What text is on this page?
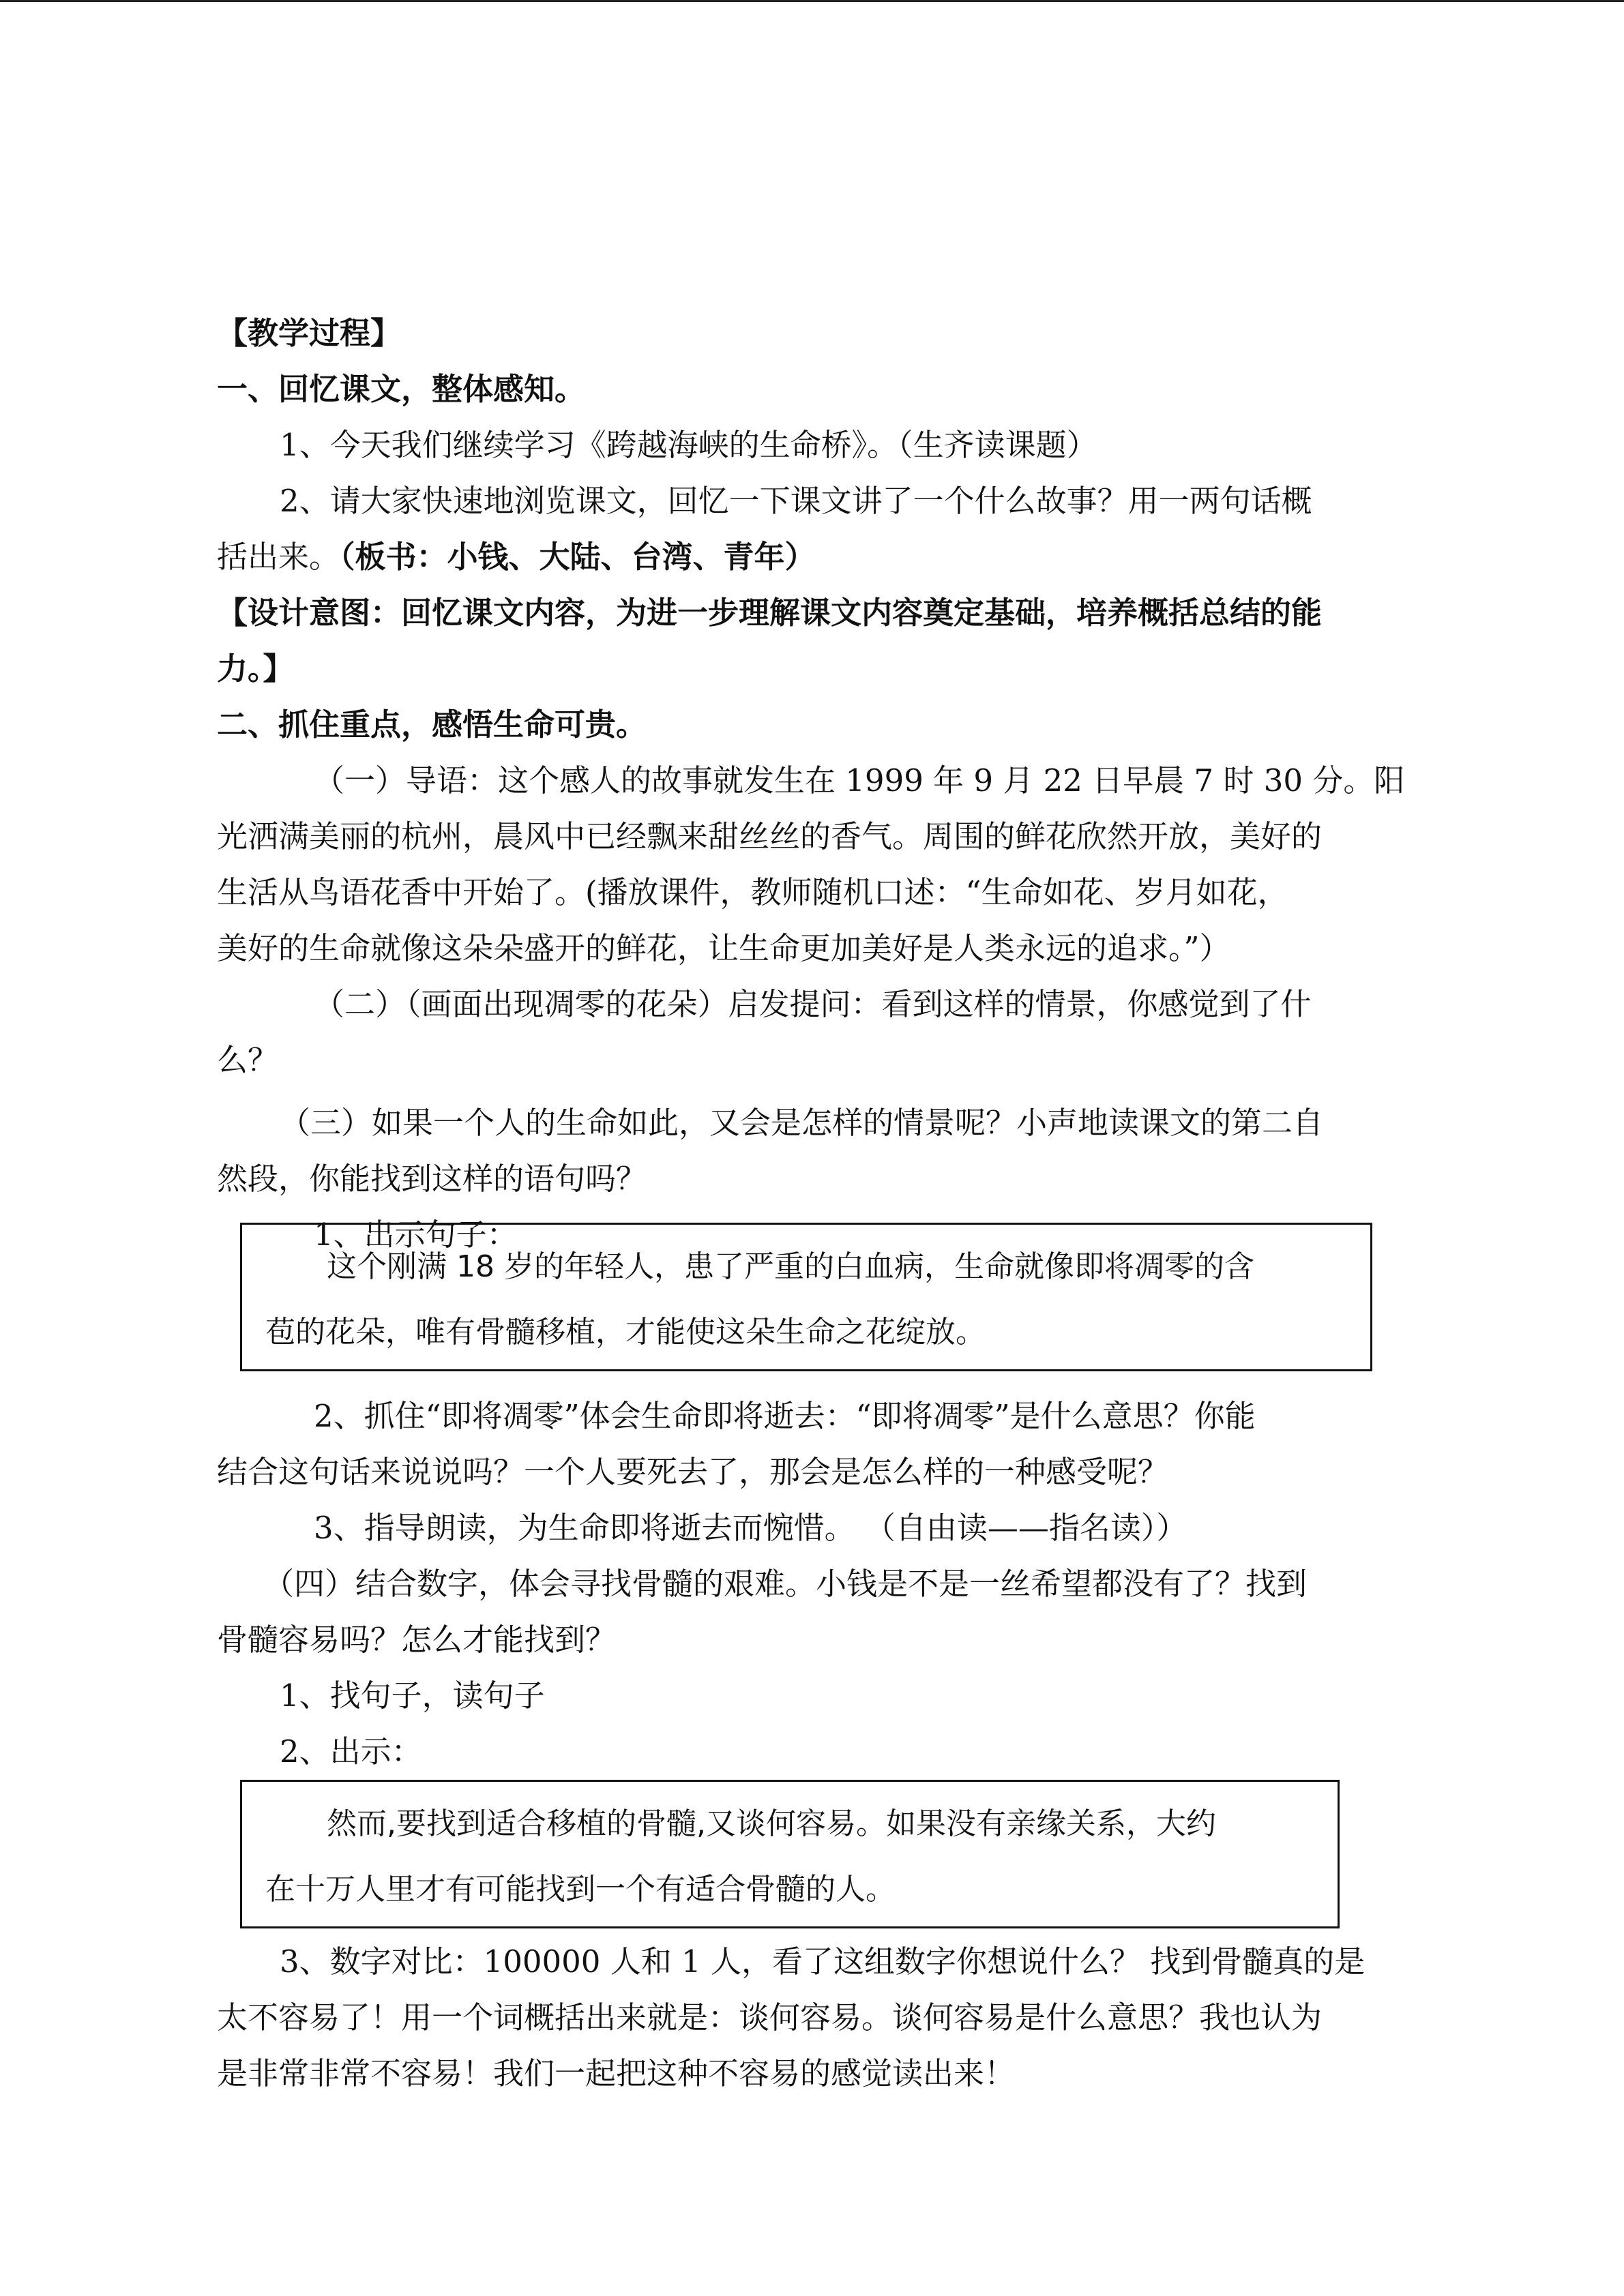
【教学过程】

一、回忆课文，整体感知。

1、今天我们继续学习《跨越海峡的生命桥》。（生齐读课题）

2、请大家快速地浏览课文，回忆一下课文讲了一个什么故事？用一两句话概

括出来。（板书：小钱、大陆、台湾、青年）

【设计意图：回忆课文内容，为进一步理解课文内容奠定基础，培养概括总结的能

力。】

二、抓住重点，感悟生命可贵。

（一）导语：这个感人的故事就发生在 1999 年 9 月 22 日早晨 7 时 30 分。阳

光洒满美丽的杭州，晨风中已经飘来甜丝丝的香气。周围的鲜花欣然开放，美好的

生活从鸟语花香中开始了。(播放课件，教师随机口述：“生命如花、岁月如花，

美好的生命就像这朵朵盛开的鲜花，让生命更加美好是人类永远的追求。”）

（二）（画面出现凋零的花朵）启发提问：看到这样的情景，你感觉到了什

么？

（三）如果一个人的生命如此，又会是怎样的情景呢？小声地读课文的第二自

然段，你能找到这样的语句吗？

1、出示句子：

这个刚满 18 岁的年轻人，患了严重的白血病，生命就像即将凋零的含

苞的花朵，唯有骨髓移植，才能使这朵生命之花绽放。

2、抓住“即将凋零”体会生命即将逝去：“即将凋零”是什么意思？你能

结合这句话来说说吗？一个人要死去了，那会是怎么样的一种感受呢？

3、指导朗读，为生命即将逝去而惋惜。 （自由读——指名读））

（四）结合数字，体会寻找骨髓的艰难。小钱是不是一丝希望都没有了？找到

骨髓容易吗？怎么才能找到？

1、找句子，读句子

2、出示：

然而,要找到适合移植的骨髓,又谈何容易。如果没有亲缘关系，大约

在十万人里才有可能找到一个有适合骨髓的人。

3、数字对比：100000 人和 1 人，看了这组数字你想说什么？ 找到骨髓真的是

太不容易了！用一个词概括出来就是：谈何容易。谈何容易是什么意思？我也认为

是非常非常不容易！我们一起把这种不容易的感觉读出来！
